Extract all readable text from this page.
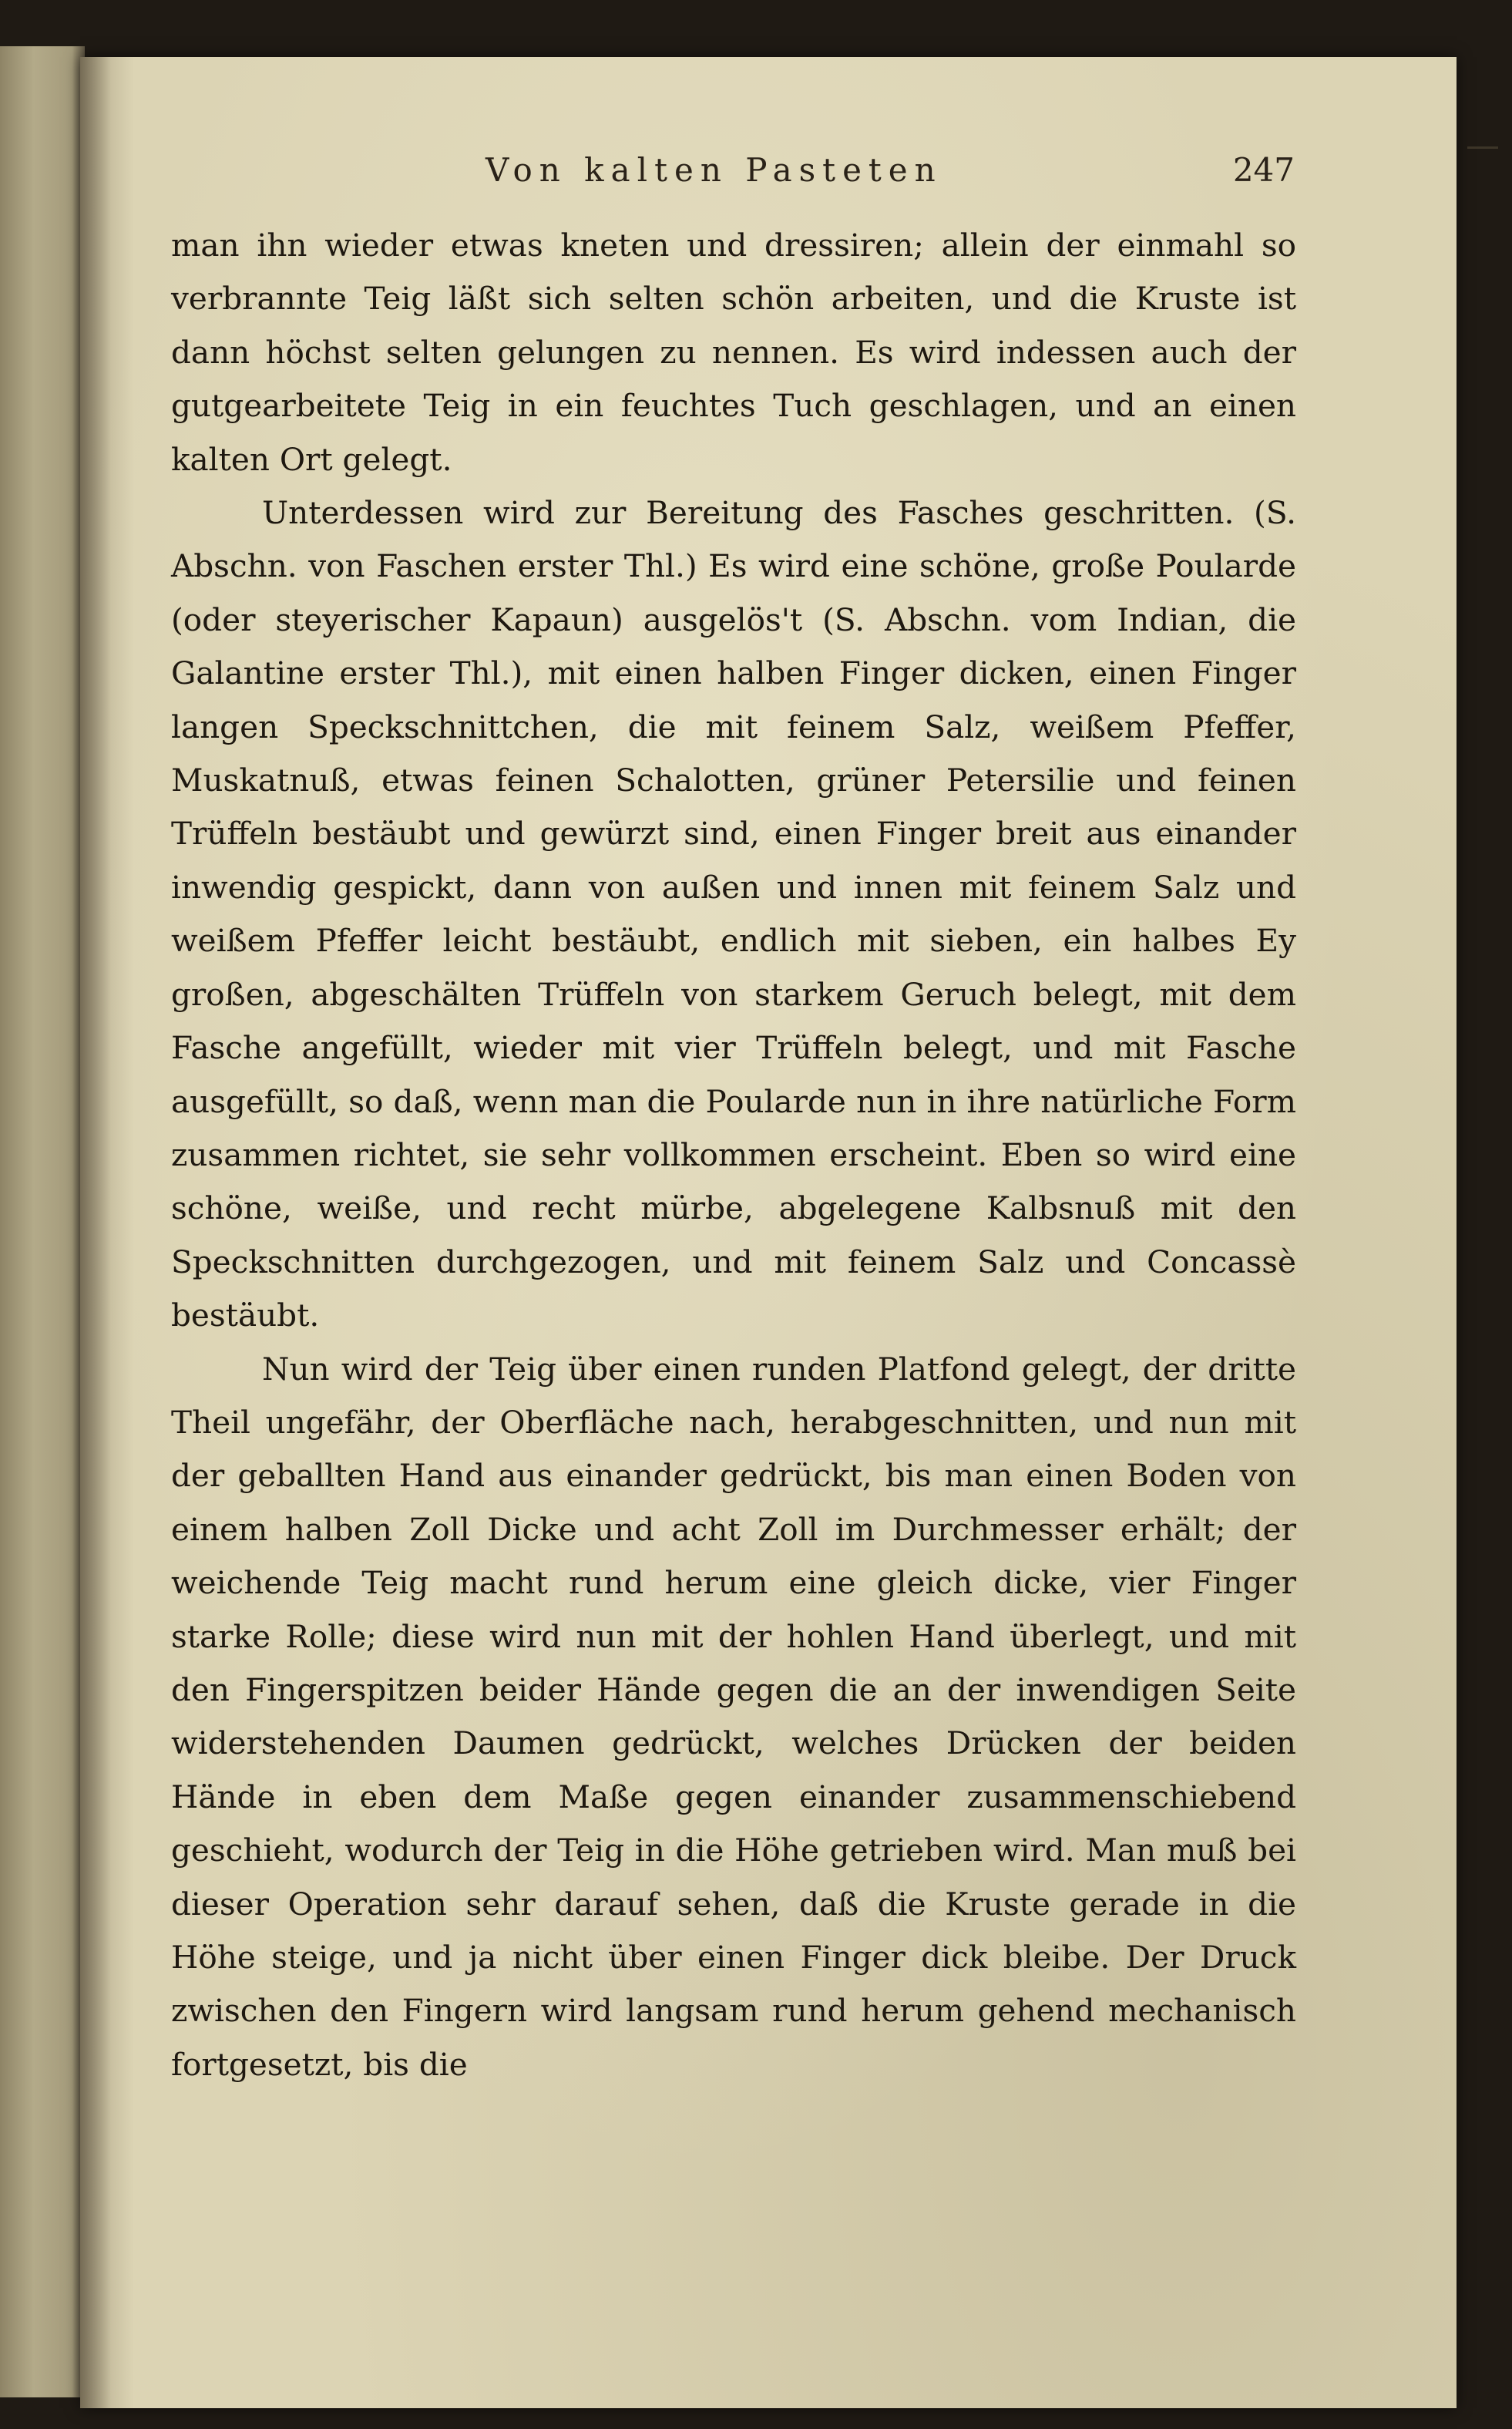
Von kalten Pasteten	247

man ihn wieder etwas kneten und dressiren; allein der einmahl so verbrannte Teig läßt sich selten schön arbeiten, und die Kruste ist dann höchst selten gelungen zu nennen. Es wird indessen auch der gutgearbeitete Teig in ein feuchtes Tuch geschlagen, und an einen kalten Ort gelegt.

Unterdessen wird zur Bereitung des Fasches geschritten. (S. Abschn. von Faschen erster Thl.) Es wird eine schöne, große Poularde (oder steyerischer Kapaun) ausgelös't (S. Abschn. vom Indian, die Galantine erster Thl.), mit einen halben Finger dicken, einen Finger langen Speckschnittchen, die mit feinem Salz, weißem Pfeffer, Muskatnuß, etwas feinen Schalotten, grüner Petersilie und feinen Trüffeln bestäubt und gewürzt sind, einen Finger breit aus einander inwendig gespickt, dann von außen und innen mit feinem Salz und weißem Pfeffer leicht bestäubt, endlich mit sieben, ein halbes Ey großen, abgeschälten Trüffeln von starkem Geruch belegt, mit dem Fasche angefüllt, wieder mit vier Trüffeln belegt, und mit Fasche ausgefüllt, so daß, wenn man die Poularde nun in ihre natürliche Form zusammen richtet, sie sehr vollkommen erscheint. Eben so wird eine schöne, weiße, und recht mürbe, abgelegene Kalbsnuß mit den Speckschnitten durchgezogen, und mit feinem Salz und Concassè bestäubt.

Nun wird der Teig über einen runden Platfond gelegt, der dritte Theil ungefähr, der Oberfläche nach, herabgeschnitten, und nun mit der geballten Hand aus einander gedrückt, bis man einen Boden von einem halben Zoll Dicke und acht Zoll im Durchmesser erhält; der weichende Teig macht rund herum eine gleich dicke, vier Finger starke Rolle; diese wird nun mit der hohlen Hand überlegt, und mit den Fingerspitzen beider Hände gegen die an der inwendigen Seite widerstehenden Daumen gedrückt, welches Drücken der beiden Hände in eben dem Maße gegen einander zusammenschiebend geschieht, wodurch der Teig in die Höhe getrieben wird. Man muß bei dieser Operation sehr darauf sehen, daß die Kruste gerade in die Höhe steige, und ja nicht über einen Finger dick bleibe. Der Druck zwischen den Fingern wird langsam rund herum gehend mechanisch fortgesetzt, bis die
